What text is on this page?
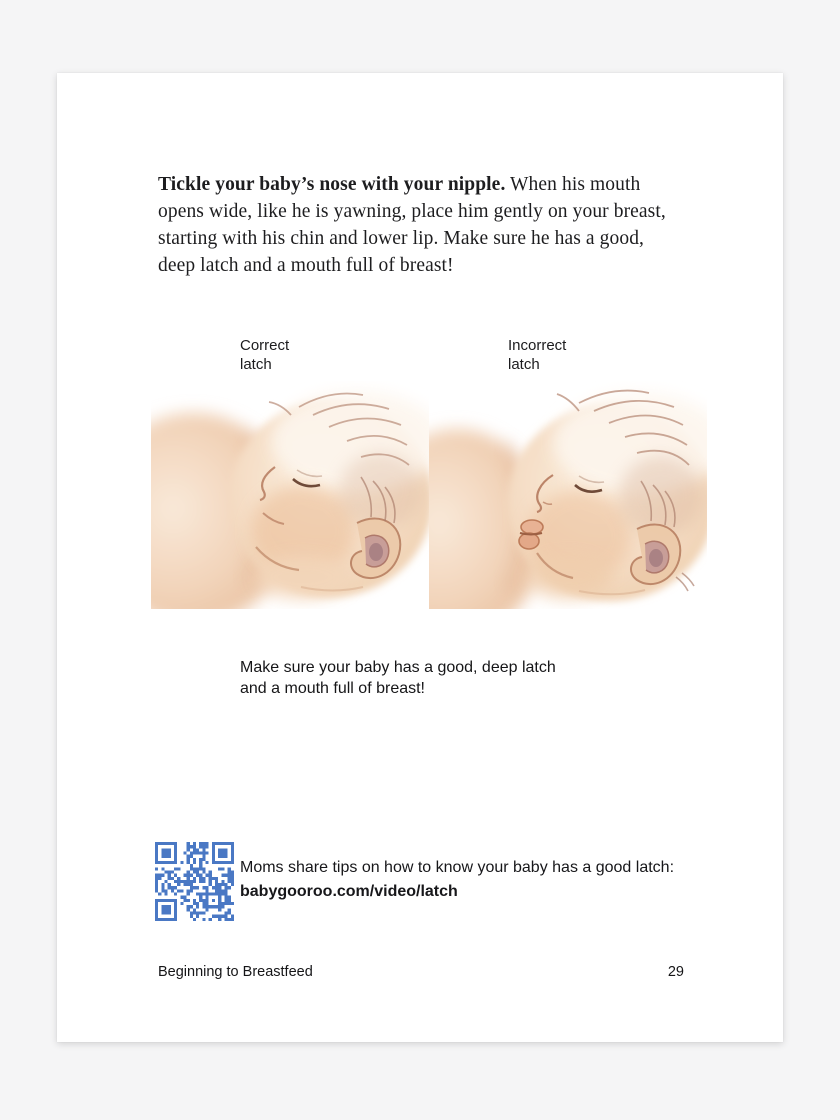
Tickle your baby’s nose with your nipple. When his mouth
opens wide, like he is yawning, place him gently on your breast,
starting with his chin and lower lip. Make sure he has a good,
deep latch and a mouth full of breast!
Correct
latch
Incorrect
latch
Make sure your baby has a good, deep latch
and a mouth full of breast!
Moms share tips on how to know your baby has a good latch:
babygooroo.com/video/latch
Beginning to Breastfeed	29
